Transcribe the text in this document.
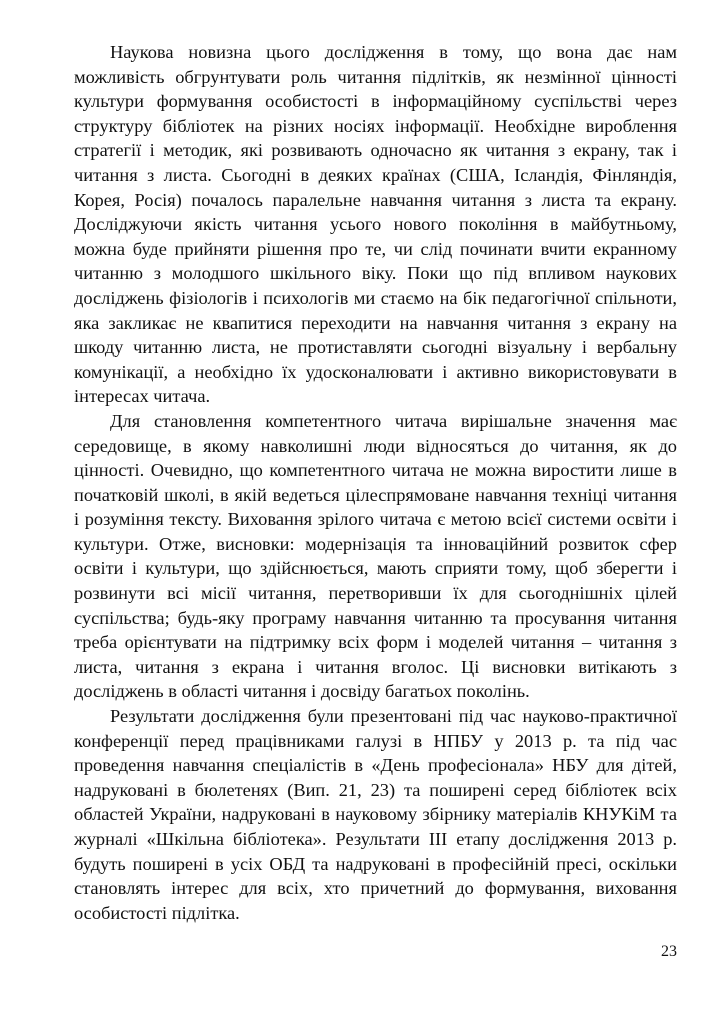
Наукова новизна цього дослідження в тому, що вона дає нам можливість обгрунтувати роль читання підлітків, як незмінної цінності культури формування особистості в інформаційному суспільстві через структуру бібліотек на різних носіях інформації. Необхідне вироблення стратегії і методик, які розвивають одночасно як читання з екрану, так і читання з листа. Сьогодні в деяких країнах (США, Ісландія, Фінляндія, Корея, Росія) почалось паралельне навчання читання з листа та екрану. Досліджуючи якість читання усього нового покоління в майбутньому, можна буде прийняти рішення про те, чи слід починати вчити екранному читанню з молодшого шкільного віку. Поки що під впливом наукових досліджень фізіологів і психологів ми стаємо на бік педагогічної спільноти, яка закликає не квапитися переходити на навчання читання з екрану на шкоду читанню листа, не протиставляти сьогодні візуальну і вербальну комунікації, а необхідно їх удосконалювати і активно використовувати в інтересах читача.

Для становлення компетентного читача вирішальне значення має середовище, в якому навколишні люди відносяться до читання, як до цінності. Очевидно, що компетентного читача не можна виростити лише в початковій школі, в якій ведеться цілеспрямоване навчання техніці читання і розуміння тексту. Виховання зрілого читача є метою всієї системи освіти і культури. Отже, висновки: модернізація та інноваційний розвиток сфер освіти і культури, що здійснюється, мають сприяти тому, щоб зберегти і розвинути всі місії читання, перетворивши їх для сьогоднішніх цілей суспільства; будь-яку програму навчання читанню та просування читання треба орієнтувати на підтримку всіх форм і моделей читання – читання з листа, читання з екрана і читання вголос. Ці висновки витікають з досліджень в області читання і досвіду багатьох поколінь.

Результати дослідження були презентовані під час науково-практичної конференції перед працівниками галузі в НПБУ у 2013 р. та під час проведення навчання спеціалістів в «День професіонала» НБУ для дітей, надруковані в бюлетенях (Вип. 21, 23) та поширені серед бібліотек всіх областей України, надруковані в науковому збірнику матеріалів КНУКіМ та журналі «Шкільна бібліотека». Результати ІІІ етапу дослідження 2013 р. будуть поширені в усіх ОБД та надруковані в професійній пресі, оскільки становлять інтерес для всіх, хто причетний до формування, виховання особистості підлітка.

23
